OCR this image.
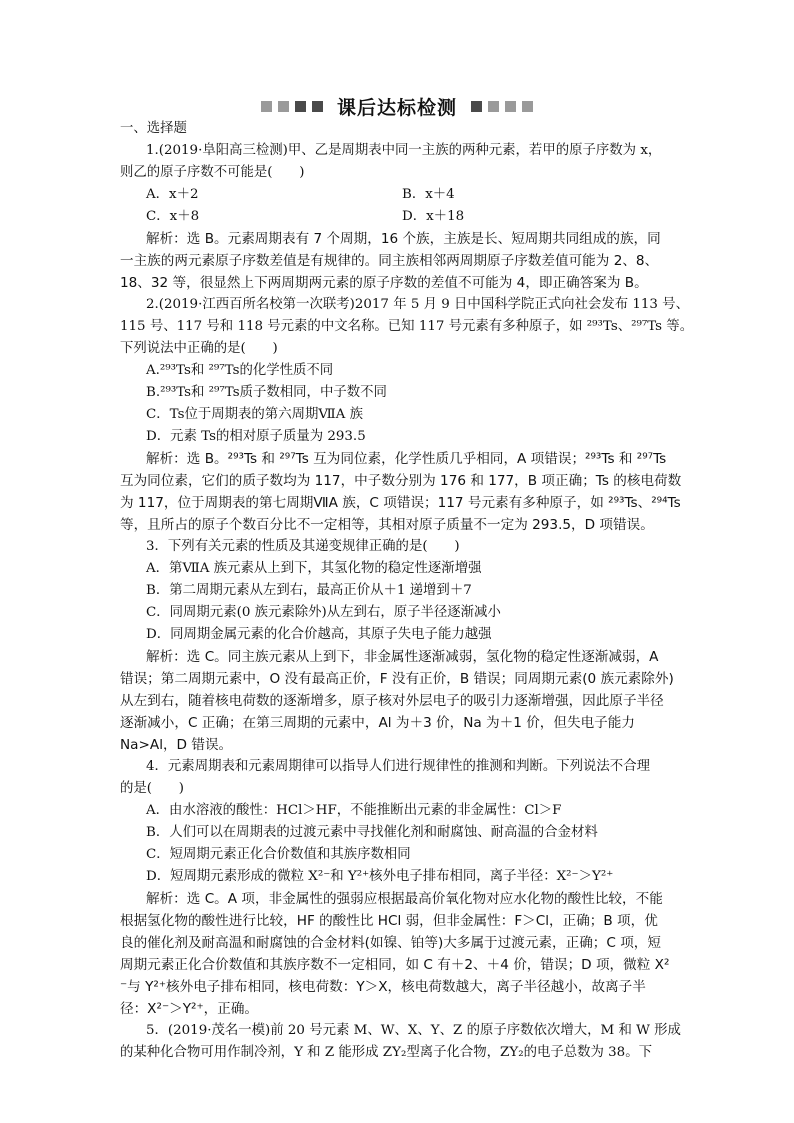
课后达标检测
一、选择题
1.(2019·阜阳高三检测)甲、乙是周期表中同一主族的两种元素，若甲的原子序数为 x，
则乙的原子序数不可能是(　　)
A．x＋2	B．x＋4
C．x＋8	D．x＋18
解析：选 B。元素周期表有 7 个周期，16 个族，主族是长、短周期共同组成的族，同
一主族的两元素原子序数差值是有规律的。同主族相邻两周期原子序数差值可能为 2、8、
18、32 等，很显然上下两周期两元素的原子序数的差值不可能为 4，即正确答案为 B。
2.(2019·江西百所名校第一次联考)2017 年 5 月 9 日中国科学院正式向社会发布 113 号、
115 号、117 号和 118 号元素的中文名称。已知 117 号元素有多种原子，如 ²⁹³Ts、²⁹⁷Ts 等。
下列说法中正确的是(　　)
A.²⁹³Ts和 ²⁹⁷Ts的化学性质不同
B.²⁹³Ts和 ²⁹⁷Ts质子数相同，中子数不同
C．Ts位于周期表的第六周期ⅦA 族
D．元素 Ts的相对原子质量为 293.5
解析：选 B。²⁹³Ts 和 ²⁹⁷Ts 互为同位素，化学性质几乎相同，A 项错误；²⁹³Ts 和 ²⁹⁷Ts
互为同位素，它们的质子数均为 117，中子数分别为 176 和 177，B 项正确；Ts 的核电荷数
为 117，位于周期表的第七周期ⅦA 族，C 项错误；117 号元素有多种原子，如 ²⁹³Ts、²⁹⁴Ts
等，且所占的原子个数百分比不一定相等，其相对原子质量不一定为 293.5，D 项错误。
3．下列有关元素的性质及其递变规律正确的是(　　)
A．第ⅦA 族元素从上到下，其氢化物的稳定性逐渐增强
B．第二周期元素从左到右，最高正价从＋1 递增到＋7
C．同周期元素(0 族元素除外)从左到右，原子半径逐渐减小
D．同周期金属元素的化合价越高，其原子失电子能力越强
解析：选 C。同主族元素从上到下，非金属性逐渐减弱，氢化物的稳定性逐渐减弱，A
错误；第二周期元素中，O 没有最高正价，F 没有正价，B 错误；同周期元素(0 族元素除外)
从左到右，随着核电荷数的逐渐增多，原子核对外层电子的吸引力逐渐增强，因此原子半径
逐渐减小，C 正确；在第三周期的元素中，Al 为＋3 价，Na 为＋1 价，但失电子能力
Na>Al，D 错误。
4．元素周期表和元素周期律可以指导人们进行规律性的推测和判断。下列说法不合理
的是(　　)
A．由水溶液的酸性：HCl＞HF，不能推断出元素的非金属性：Cl＞F
B．人们可以在周期表的过渡元素中寻找催化剂和耐腐蚀、耐高温的合金材料
C．短周期元素正化合价数值和其族序数相同
D．短周期元素形成的微粒 X²⁻和 Y²⁺核外电子排布相同，离子半径：X²⁻＞Y²⁺
解析：选 C。A 项，非金属性的强弱应根据最高价氧化物对应水化物的酸性比较，不能
根据氢化物的酸性进行比较，HF 的酸性比 HCl 弱，但非金属性：F＞Cl，正确；B 项，优
良的催化剂及耐高温和耐腐蚀的合金材料(如镍、铂等)大多属于过渡元素，正确；C 项，短
周期元素正化合价数值和其族序数不一定相同，如 C 有＋2、＋4 价，错误；D 项，微粒 X²
⁻与 Y²⁺核外电子排布相同，核电荷数：Y＞X，核电荷数越大，离子半径越小，故离子半
径：X²⁻＞Y²⁺，正确。
5．(2019·茂名一模)前 20 号元素 M、W、X、Y、Z 的原子序数依次增大，M 和 W 形成
的某种化合物可用作制冷剂，Y 和 Z 能形成 ZY₂型离子化合物，ZY₂的电子总数为 38。下
